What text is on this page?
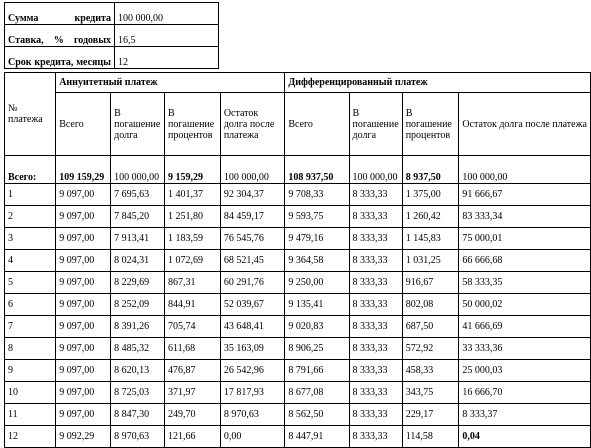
Сумма кредита	100 000,00
Ставка, % годовых	16,5
Срок кредита, месяцы	12
№ платежа	Аннуитетный платеж				Дифференцированный платеж			
	Всего	В погашение долга	В погашение процентов	Остаток долга после платежа	Всего	В погашение долга	В погашение процентов	Остаток долга после платежа
Всего:	109 159,29	100 000,00	9 159,29	100 000,00	108 937,50	100 000,00	8 937,50	100 000,00
1	9 097,00	7 695,63	1 401,37	92 304,37	9 708,33	8 333,33	1 375,00	91 666,67
2	9 097,00	7 845,20	1 251,80	84 459,17	9 593,75	8 333,33	1 260,42	83 333,34
3	9 097,00	7 913,41	1 183,59	76 545,76	9 479,16	8 333,33	1 145,83	75 000,01
4	9 097,00	8 024,31	1 072,69	68 521,45	9 364,58	8 333,33	1 031,25	66 666,68
5	9 097,00	8 229,69	867,31	60 291,76	9 250,00	8 333,33	916,67	58 333,35
6	9 097,00	8 252,09	844,91	52 039,67	9 135,41	8 333,33	802,08	50 000,02
7	9 097,00	8 391,26	705,74	43 648,41	9 020,83	8 333,33	687,50	41 666,69
8	9 097,00	8 485,32	611,68	35 163,09	8 906,25	8 333,33	572,92	33 333,36
9	9 097,00	8 620,13	476,87	26 542,96	8 791,66	8 333,33	458,33	25 000,03
10	9 097,00	8 725,03	371,97	17 817,93	8 677,08	8 333,33	343,75	16 666,70
11	9 097,00	8 847,30	249,70	8 970,63	8 562,50	8 333,33	229,17	8 333,37
12	9 092,29	8 970,63	121,66	0,00	8 447,91	8 333,33	114,58	0,04
